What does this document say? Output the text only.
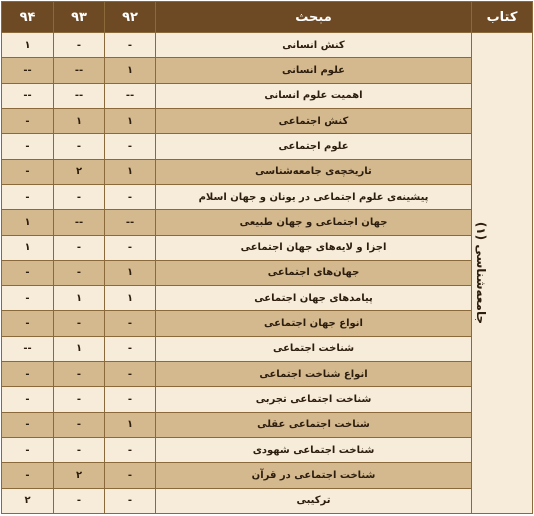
کتاب	مبحث	۹۲	۹۳	۹۴
جامعه‌شناسی (۱)	کنش انسانی	-	-	۱
	علوم انسانی	۱	--	--
	اهمیت علوم انسانی	--	--	--
	کنش اجتماعی	۱	۱	-
	علوم اجتماعی	-	-	-
	تاریخچه‌ی جامعه‌شناسی	۱	۲	-
	پیشینه‌ی علوم اجتماعی در یونان و جهان اسلام	-	-	-
	جهان اجتماعی و جهان طبیعی	--	--	۱
	اجزا و لایه‌های جهان اجتماعی	-	-	۱
	جهان‌های اجتماعی	۱	-	-
	پیامدهای جهان اجتماعی	۱	۱	-
	انواع جهان اجتماعی	-	-	-
	شناخت اجتماعی	-	۱	--
	انواع شناخت اجتماعی	-	-	-
	شناخت اجتماعی تجربی	-	-	-
	شناخت اجتماعی عقلی	۱	-	-
	شناخت اجتماعی شهودی	-	-	-
	شناخت اجتماعی در قرآن	-	۲	-
	ترکیبی	-	-	۲
